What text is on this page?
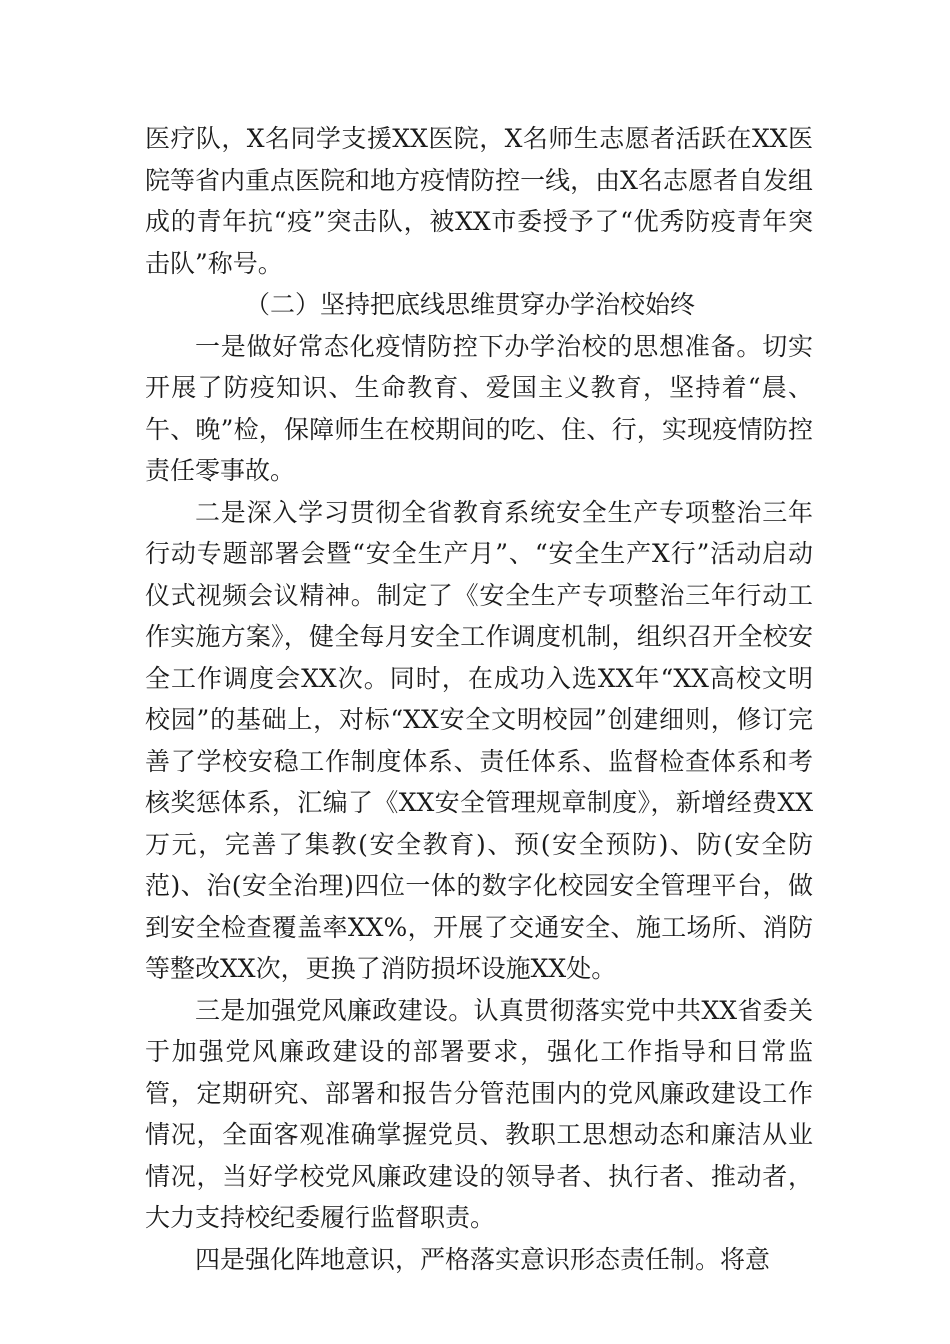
医疗队，X名同学支援XX医院，X名师生志愿者活跃在XX医院等省内重点医院和地方疫情防控一线，由X名志愿者自发组成的青年抗“疫”突击队，被XX市委授予了“优秀防疫青年突击队”称号。

（二）坚持把底线思维贯穿办学治校始终

一是做好常态化疫情防控下办学治校的思想准备。切实开展了防疫知识、生命教育、爱国主义教育，坚持着“晨、午、晚”检，保障师生在校期间的吃、住、行，实现疫情防控责任零事故。

二是深入学习贯彻全省教育系统安全生产专项整治三年行动专题部署会暨“安全生产月”、“安全生产X行”活动启动仪式视频会议精神。制定了《安全生产专项整治三年行动工作实施方案》，健全每月安全工作调度机制，组织召开全校安全工作调度会XX次。同时，在成功入选XX年“XX高校文明校园”的基础上，对标“XX安全文明校园”创建细则，修订完善了学校安稳工作制度体系、责任体系、监督检查体系和考核奖惩体系，汇编了《XX安全管理规章制度》，新增经费XX万元，完善了集教(安全教育)、预(安全预防)、防(安全防范)、治(安全治理)四位一体的数字化校园安全管理平台，做到安全检查覆盖率XX%，开展了交通安全、施工场所、消防等整改XX次，更换了消防损坏设施XX处。

三是加强党风廉政建设。认真贯彻落实党中共XX省委关于加强党风廉政建设的部署要求，强化工作指导和日常监管，定期研究、部署和报告分管范围内的党风廉政建设工作情况，全面客观准确掌握党员、教职工思想动态和廉洁从业情况，当好学校党风廉政建设的领导者、执行者、推动者，大力支持校纪委履行监督职责。

四是强化阵地意识，严格落实意识形态责任制。将意
